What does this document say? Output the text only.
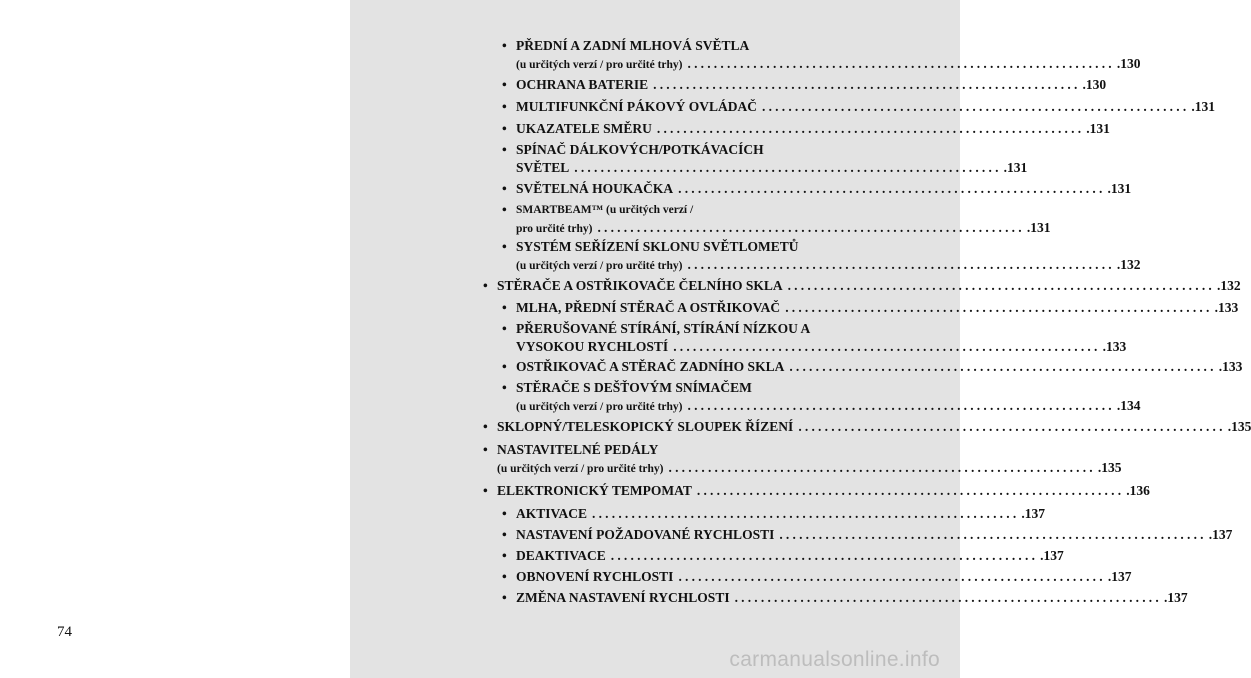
74
carmanualsonline.info
• PŘEDNÍ A ZADNÍ MLHOVÁ SVĚTLA
(u určitých verzí / pro určité trhy) ................................................................. .130
• OCHRANA BATERIE ................................................................. .130
• MULTIFUNKČNÍ PÁKOVÝ OVLÁDAČ ................................................................. .131
• UKAZATELE SMĚRU ................................................................. .131
• SPÍNAČ DÁLKOVÝCH/POTKÁVACÍCH
SVĚTEL ................................................................. .131
• SVĚTELNÁ HOUKAČKA ................................................................. .131
• SMARTBEAM™ (u určitých verzí /
pro určité trhy) ................................................................. .131
• SYSTÉM SEŘÍZENÍ SKLONU SVĚTLOMETŮ
(u určitých verzí / pro určité trhy) ................................................................. .132
• STĚRAČE A OSTŘIKOVAČE ČELNÍHO SKLA ................................................................. .132
• MLHA, PŘEDNÍ STĚRAČ A OSTŘIKOVAČ ................................................................. .133
• PŘERUŠOVANÉ STÍRÁNÍ, STÍRÁNÍ NÍZKOU A
VYSOKOU RYCHLOSTÍ ................................................................. .133
• OSTŘIKOVAČ A STĚRAČ ZADNÍHO SKLA ................................................................. .133
• STĚRAČE S DEŠŤOVÝM SNÍMAČEM
(u určitých verzí / pro určité trhy) ................................................................. .134
• SKLOPNÝ/TELESKOPICKÝ SLOUPEK ŘÍZENÍ ................................................................. .135
• NASTAVITELNÉ PEDÁLY
(u určitých verzí / pro určité trhy) ................................................................. .135
• ELEKTRONICKÝ TEMPOMAT ................................................................. .136
• AKTIVACE ................................................................. .137
• NASTAVENÍ POŽADOVANÉ RYCHLOSTI ................................................................. .137
• DEAKTIVACE ................................................................. .137
• OBNOVENÍ RYCHLOSTI ................................................................. .137
• ZMĚNA NASTAVENÍ RYCHLOSTI ................................................................. .137
